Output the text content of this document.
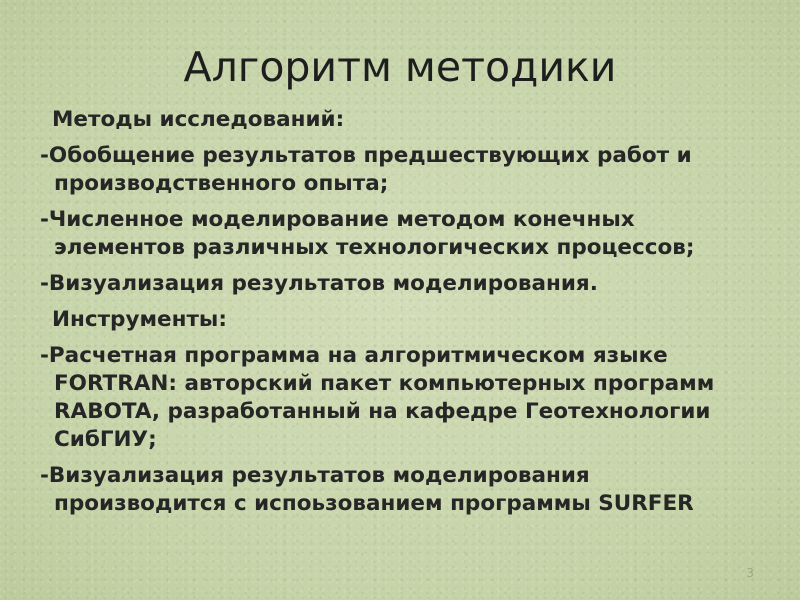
Алгоритм методики

Методы исследований:

-Обобщение результатов предшествующих работ и производственного опыта;

-Численное моделирование методом конечных элементов различных технологических процессов;

-Визуализация результатов моделирования.

Инструменты:

-Расчетная программа на алгоритмическом языке FORTRAN: авторский пакет компьютерных программ RABOTA, разработанный на кафедре Геотехнологии СибГИУ;

-Визуализация результатов моделирования производится с испоьзованием программы SURFER

3
